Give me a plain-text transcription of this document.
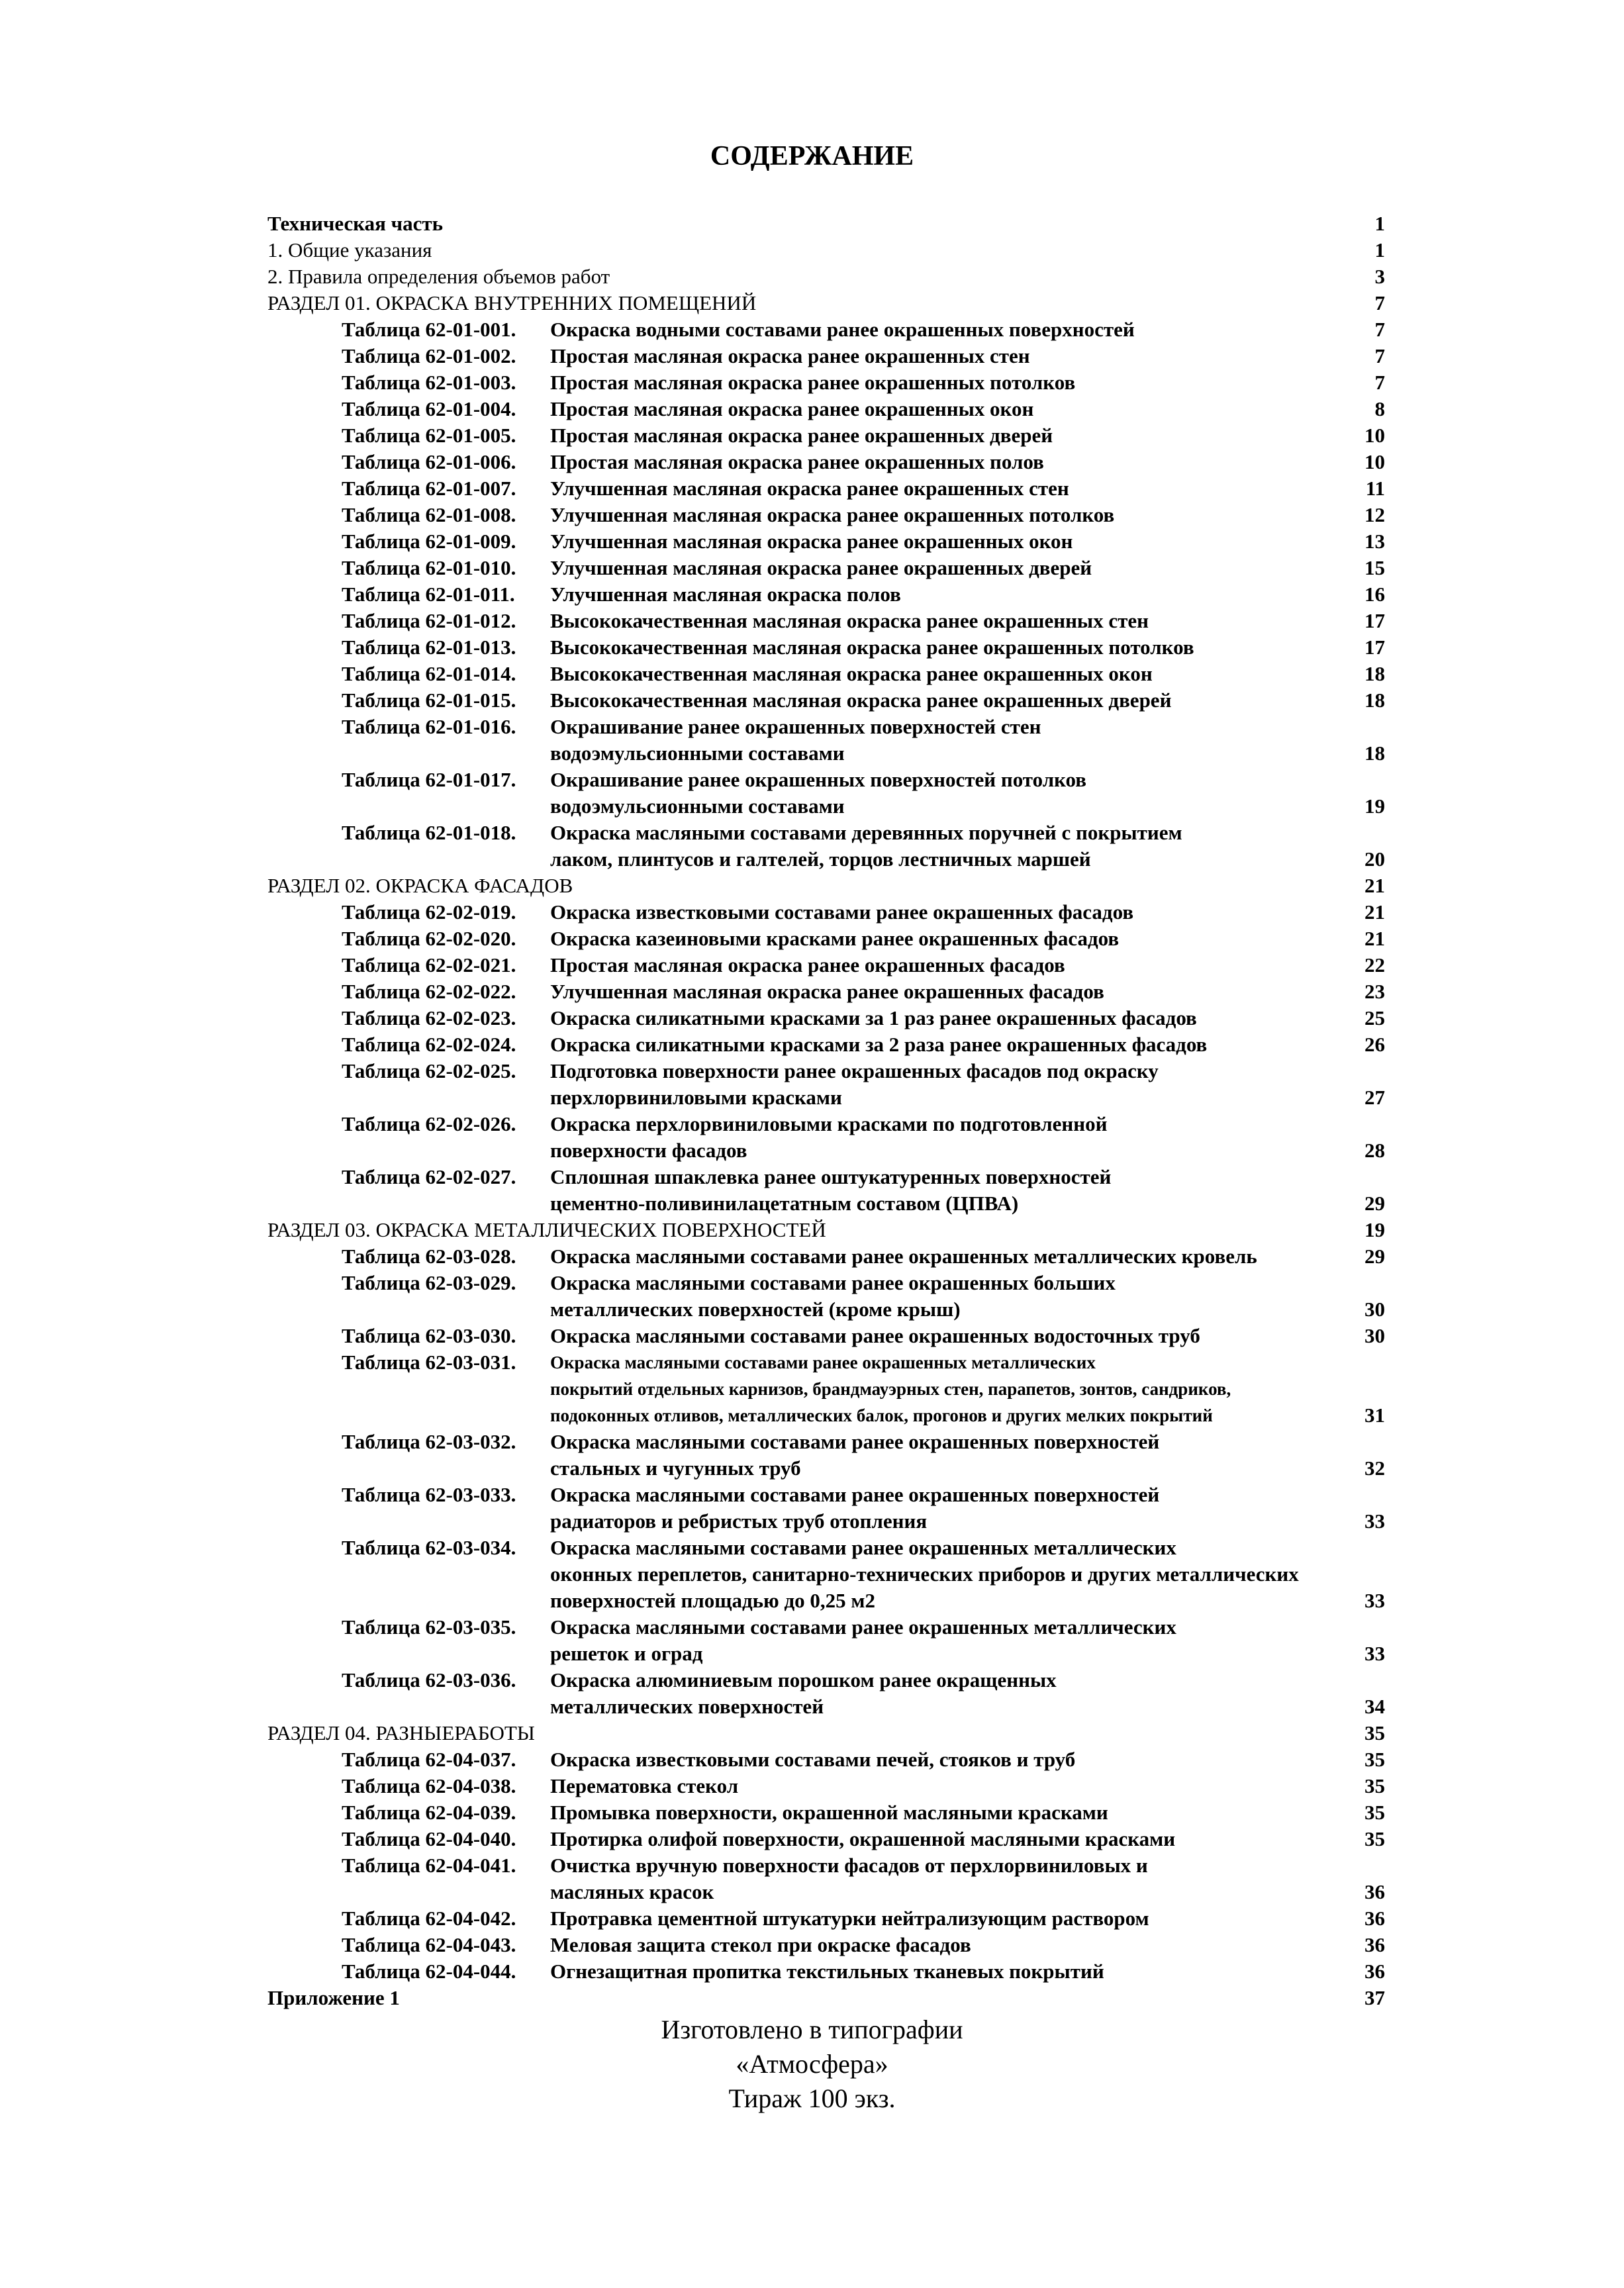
СОДЕРЖАНИЕ
Техническая часть	1
1. Общие указания	1
2. Правила определения объемов работ	3
РАЗДЕЛ 01. ОКРАСКА ВНУТРЕННИХ ПОМЕЩЕНИЙ	7
Таблица 62-01-001.	Окраска водными составами ранее окрашенных поверхностей	7
Таблица 62-01-002.	Простая масляная окраска ранее окрашенных стен	7
Таблица 62-01-003.	Простая масляная окраска ранее окрашенных потолков	7
Таблица 62-01-004.	Простая масляная окраска ранее окрашенных окон	8
Таблица 62-01-005.	Простая масляная окраска ранее окрашенных дверей	10
Таблица 62-01-006.	Простая масляная окраска ранее окрашенных полов	10
Таблица 62-01-007.	Улучшенная масляная окраска ранее окрашенных стен	11
Таблица 62-01-008.	Улучшенная масляная окраска ранее окрашенных потолков	12
Таблица 62-01-009.	Улучшенная масляная окраска ранее окрашенных окон	13
Таблица 62-01-010.	Улучшенная масляная окраска ранее окрашенных дверей	15
Таблица 62-01-011.	Улучшенная масляная окраска полов	16
Таблица 62-01-012.	Высококачественная масляная окраска ранее окрашенных стен	17
Таблица 62-01-013.	Высококачественная масляная окраска ранее окрашенных потолков	17
Таблица 62-01-014.	Высококачественная масляная окраска ранее окрашенных окон	18
Таблица 62-01-015.	Высококачественная масляная окраска ранее окрашенных дверей	18
Таблица 62-01-016.	Окрашивание ранее окрашенных поверхностей стен
водоэмульсионными составами	18
Таблица 62-01-017.	Окрашивание ранее окрашенных поверхностей потолков
водоэмульсионными составами	19
Таблица 62-01-018.	Окраска масляными составами деревянных поручней с покрытием
лаком, плинтусов и галтелей, торцов лестничных маршей	20
РАЗДЕЛ 02. ОКРАСКА ФАСАДОВ	21
Таблица 62-02-019.	Окраска известковыми составами ранее окрашенных фасадов	21
Таблица 62-02-020.	Окраска казеиновыми красками ранее окрашенных фасадов	21
Таблица 62-02-021.	Простая масляная окраска ранее окрашенных фасадов	22
Таблица 62-02-022.	Улучшенная масляная окраска ранее окрашенных фасадов	23
Таблица 62-02-023.	Окраска силикатными красками за 1 раз ранее окрашенных фасадов	25
Таблица 62-02-024.	Окраска силикатными красками за 2 раза ранее окрашенных фасадов	26
Таблица 62-02-025.	Подготовка поверхности ранее окрашенных фасадов под окраску
перхлорвиниловыми красками	27
Таблица 62-02-026.	Окраска перхлорвиниловыми красками по подготовленной
поверхности фасадов	28
Таблица 62-02-027.	Сплошная шпаклевка ранее оштукатуренных поверхностей
цементно-поливинилацетатным составом (ЦПВА)	29
РАЗДЕЛ 03. ОКРАСКА МЕТАЛЛИЧЕСКИХ ПОВЕРХНОСТЕЙ	19
Таблица 62-03-028.	Окраска масляными составами ранее окрашенных металлических кровель	29
Таблица 62-03-029.	Окраска масляными составами ранее окрашенных больших
металлических поверхностей (кроме крыш)	30
Таблица 62-03-030.	Окраска масляными составами ранее окрашенных водосточных труб	30
Таблица 62-03-031.	Окраска масляными составами ранее окрашенных металлических
покрытий отдельных карнизов, брандмауэрных стен, парапетов, зонтов, сандриков,
подоконных отливов, металлических балок, прогонов и других мелких покрытий	31
Таблица 62-03-032.	Окраска масляными составами ранее окрашенных поверхностей
стальных и чугунных труб	32
Таблица 62-03-033.	Окраска масляными составами ранее окрашенных поверхностей
радиаторов и ребристых труб отопления	33
Таблица 62-03-034.	Окраска масляными составами ранее окрашенных металлических
оконных переплетов, санитарно-технических приборов и других металлических
поверхностей площадью до 0,25 м2	33
Таблица 62-03-035.	Окраска масляными составами ранее окрашенных металлических
решеток и оград	33
Таблица 62-03-036.	Окраска алюминиевым порошком ранее окращенных
металлических поверхностей	34
РАЗДЕЛ 04. РАЗНЫЕРАБОТЫ	35
Таблица 62-04-037.	Окраска известковыми составами печей, стояков и труб	35
Таблица 62-04-038.	Перематовка стекол	35
Таблица 62-04-039.	Промывка поверхности, окрашенной масляными красками	35
Таблица 62-04-040.	Протирка олифой поверхности, окрашенной масляными красками	35
Таблица 62-04-041.	Очистка вручную поверхности фасадов от перхлорвиниловых и
масляных красок	36
Таблица 62-04-042.	Протравка цементной штукатурки нейтрализующим раствором	36
Таблица 62-04-043.	Меловая защита стекол при окраске фасадов	36
Таблица 62-04-044.	Огнезащитная пропитка текстильных тканевых покрытий	36
Приложение 1	37
Изготовлено в типографии
«Атмосфера»
Тираж 100 экз.
